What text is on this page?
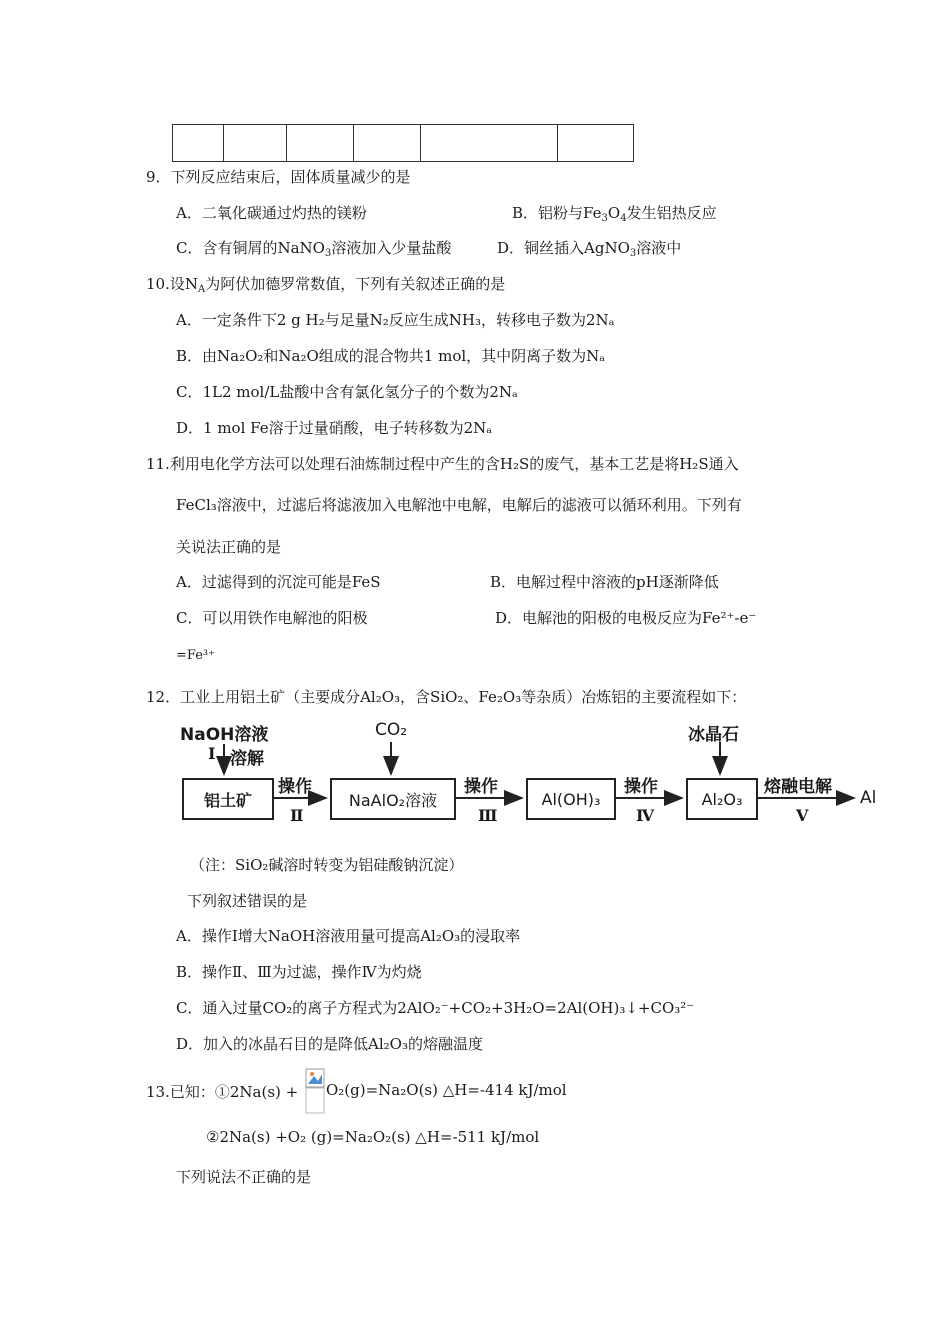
9．下列反应结束后，固体质量减少的是
A．二氧化碳通过灼热的镁粉	B．铝粉与$Fe_3O_4$发生铝热反应
C．含有铜屑的NaNO$_3$溶液加入少量盐酸	D．铜丝插入AgNO$_3$溶液中
10.设$N_A$为阿伏加德罗常数值，下列有关叙述正确的是
A．一定条件下2 g H₂与足量N₂反应生成NH₃，转移电子数为2Nₐ
B．由Na₂O₂和Na₂O组成的混合物共1 mol，其中阴离子数为Nₐ
C．1L2 mol/L盐酸中含有氯化氢分子的个数为2Nₐ
D．1 mol Fe溶于过量硝酸，电子转移数为2Nₐ
11.利用电化学方法可以处理石油炼制过程中产生的含H₂S的废气，基本工艺是将H₂S通入
FeCl₃溶液中，过滤后将滤液加入电解池中电解，电解后的滤液可以循环利用。下列有
关说法正确的是
A．过滤得到的沉淀可能是FeS	B．电解过程中溶液的pH逐渐降低
C．可以用铁作电解池的阳极	D．电解池的阳极的电极反应为Fe²⁺-e⁻
=Fe³⁺
12．工业上用铝土矿（主要成分Al₂O₃，含SiO₂、Fe₂O₃等杂质）冶炼铝的主要流程如下：
NaOH溶液
Ⅰ 溶解
CO₂	冰晶石
铝土矿	NaAlO₂溶液	Al(OH)₃	Al₂O₃
操作
Ⅱ
操作
Ⅲ
操作
Ⅳ
熔融电解
Ⅴ
Al
（注：SiO₂碱溶时转变为铝硅酸钠沉淀）
下列叙述错误的是
A．操作Ⅰ增大NaOH溶液用量可提高Al₂O₃的浸取率
B．操作Ⅱ、Ⅲ为过滤，操作Ⅳ为灼烧
C．通入过量CO₂的离子方程式为2AlO₂⁻+CO₂+3H₂O=2Al(OH)₃↓+CO₃²⁻
D．加入的冰晶石目的是降低Al₂O₃的熔融温度
13.已知：①2Na(s) + O₂(g)=Na₂O(s) △H=-414 kJ/mol
②2Na(s) +O₂ (g)=Na₂O₂(s) △H=-511 kJ/mol
下列说法不正确的是
